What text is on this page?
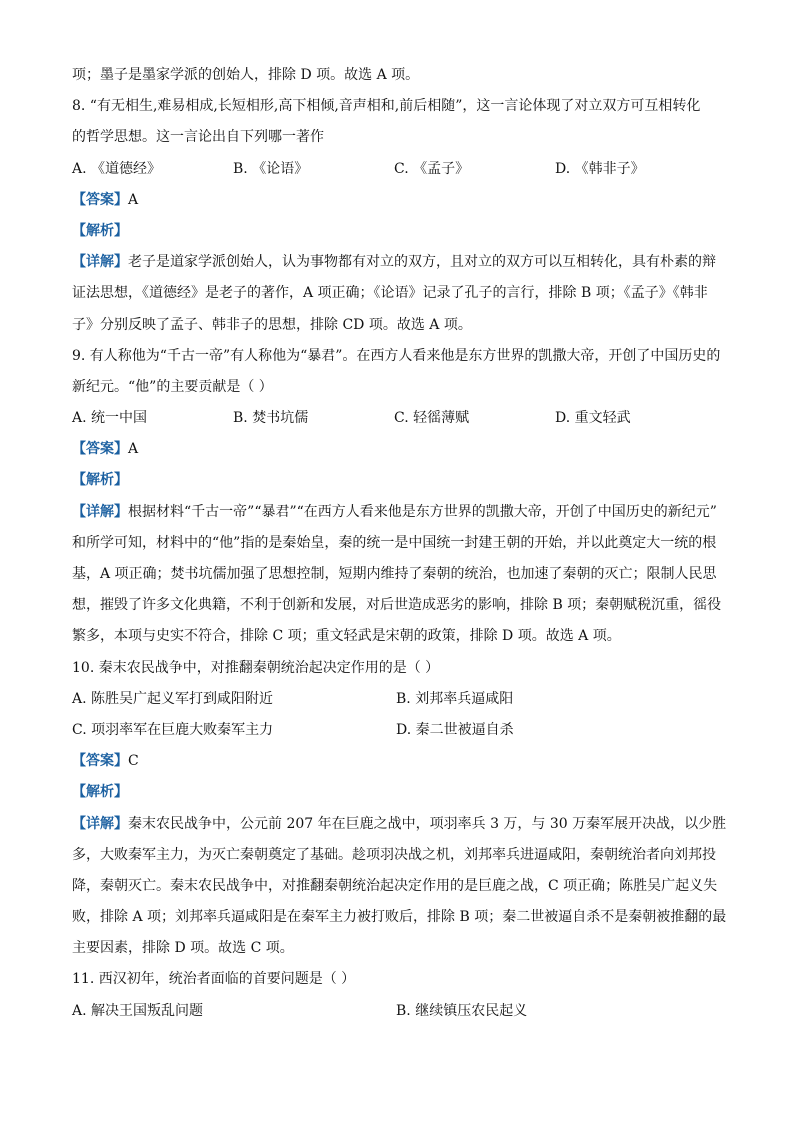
项；墨子是墨家学派的创始人，排除 D 项。故选 A 项。
8. “有无相生,难易相成,长短相形,高下相倾,音声相和,前后相随”，这一言论体现了对立双方可互相转化
的哲学思想。这一言论出自下列哪一著作
A. 《道德经》	B. 《论语》	C. 《孟子》	D. 《韩非子》
【答案】A
【解析】
【详解】老子是道家学派创始人，认为事物都有对立的双方，且对立的双方可以互相转化，具有朴素的辩
证法思想，《道德经》是老子的著作，A 项正确；《论语》记录了孔子的言行，排除 B 项；《孟子》《韩非
子》分别反映了孟子、韩非子的思想，排除 CD 项。故选 A 项。
9. 有人称他为“千古一帝”有人称他为“暴君”。在西方人看来他是东方世界的凯撒大帝，开创了中国历史的
新纪元。“他”的主要贡献是（ ）
A. 统一中国	B. 焚书坑儒	C. 轻徭薄赋	D. 重文轻武
【答案】A
【解析】
【详解】根据材料“千古一帝”“暴君”“在西方人看来他是东方世界的凯撒大帝，开创了中国历史的新纪元”
和所学可知，材料中的“他”指的是秦始皇，秦的统一是中国统一封建王朝的开始，并以此奠定大一统的根
基，A 项正确；焚书坑儒加强了思想控制，短期内维持了秦朝的统治，也加速了秦朝的灭亡；限制人民思
想，摧毁了许多文化典籍，不利于创新和发展，对后世造成恶劣的影响，排除 B 项；秦朝赋税沉重，徭役
繁多，本项与史实不符合，排除 C 项；重文轻武是宋朝的政策，排除 D 项。故选 A 项。
10. 秦末农民战争中，对推翻秦朝统治起决定作用的是（ ）
A. 陈胜吴广起义军打到咸阳附近	B. 刘邦率兵逼咸阳
C. 项羽率军在巨鹿大败秦军主力	D. 秦二世被逼自杀
【答案】C
【解析】
【详解】秦末农民战争中，公元前 207 年在巨鹿之战中，项羽率兵 3 万，与 30 万秦军展开决战，以少胜
多，大败秦军主力，为灭亡秦朝奠定了基础。趁项羽决战之机，刘邦率兵进逼咸阳，秦朝统治者向刘邦投
降，秦朝灭亡。秦末农民战争中，对推翻秦朝统治起决定作用的是巨鹿之战，C 项正确；陈胜吴广起义失
败，排除 A 项；刘邦率兵逼咸阳是在秦军主力被打败后，排除 B 项；秦二世被逼自杀不是秦朝被推翻的最
主要因素，排除 D 项。故选 C 项。
11. 西汉初年，统治者面临的首要问题是（ ）
A. 解决王国叛乱问题	B. 继续镇压农民起义
